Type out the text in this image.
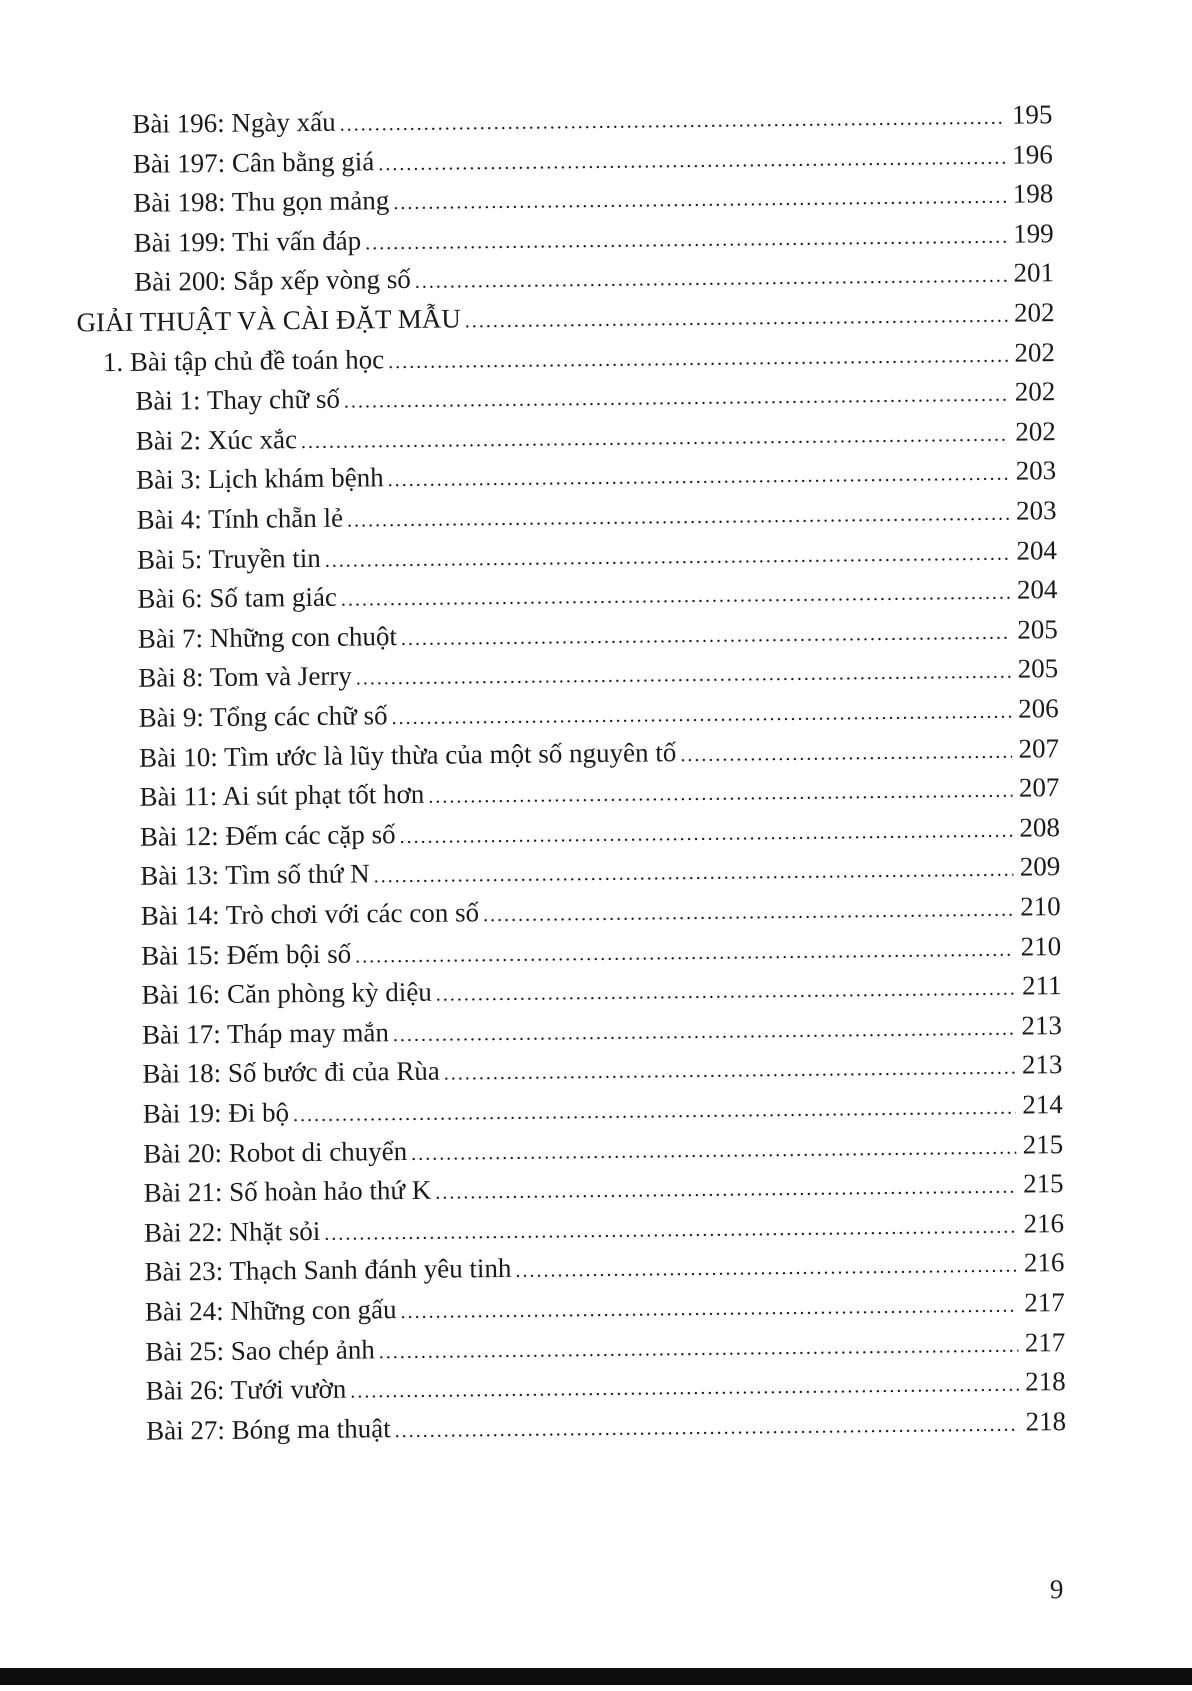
Bài 196: Ngày xấu .....	195
Bài 197: Cân bằng giá .....	196
Bài 198: Thu gọn mảng .....	198
Bài 199: Thi vấn đáp .....	199
Bài 200: Sắp xếp vòng số .....	201
GIẢI THUẬT VÀ CÀI ĐẶT MẪU .....	202
1. Bài tập chủ đề toán học .....	202
Bài 1: Thay chữ số .....	202
Bài 2: Xúc xắc .....	202
Bài 3: Lịch khám bệnh .....	203
Bài 4: Tính chẵn lẻ .....	203
Bài 5: Truyền tin .....	204
Bài 6: Số tam giác .....	204
Bài 7: Những con chuột .....	205
Bài 8: Tom và Jerry .....	205
Bài 9: Tổng các chữ số .....	206
Bài 10: Tìm ước là lũy thừa của một số nguyên tố .....	207
Bài 11: Ai sút phạt tốt hơn .....	207
Bài 12: Đếm các cặp số .....	208
Bài 13: Tìm số thứ N .....	209
Bài 14: Trò chơi với các con số .....	210
Bài 15: Đếm bội số .....	210
Bài 16: Căn phòng kỳ diệu .....	211
Bài 17: Tháp may mắn .....	213
Bài 18: Số bước đi của Rùa .....	213
Bài 19: Đi bộ .....	214
Bài 20: Robot di chuyển .....	215
Bài 21: Số hoàn hảo thứ K .....	215
Bài 22: Nhặt sỏi .....	216
Bài 23: Thạch Sanh đánh yêu tinh .....	216
Bài 24: Những con gấu .....	217
Bài 25: Sao chép ảnh .....	217
Bài 26: Tưới vườn .....	218
Bài 27: Bóng ma thuật .....	218
9
